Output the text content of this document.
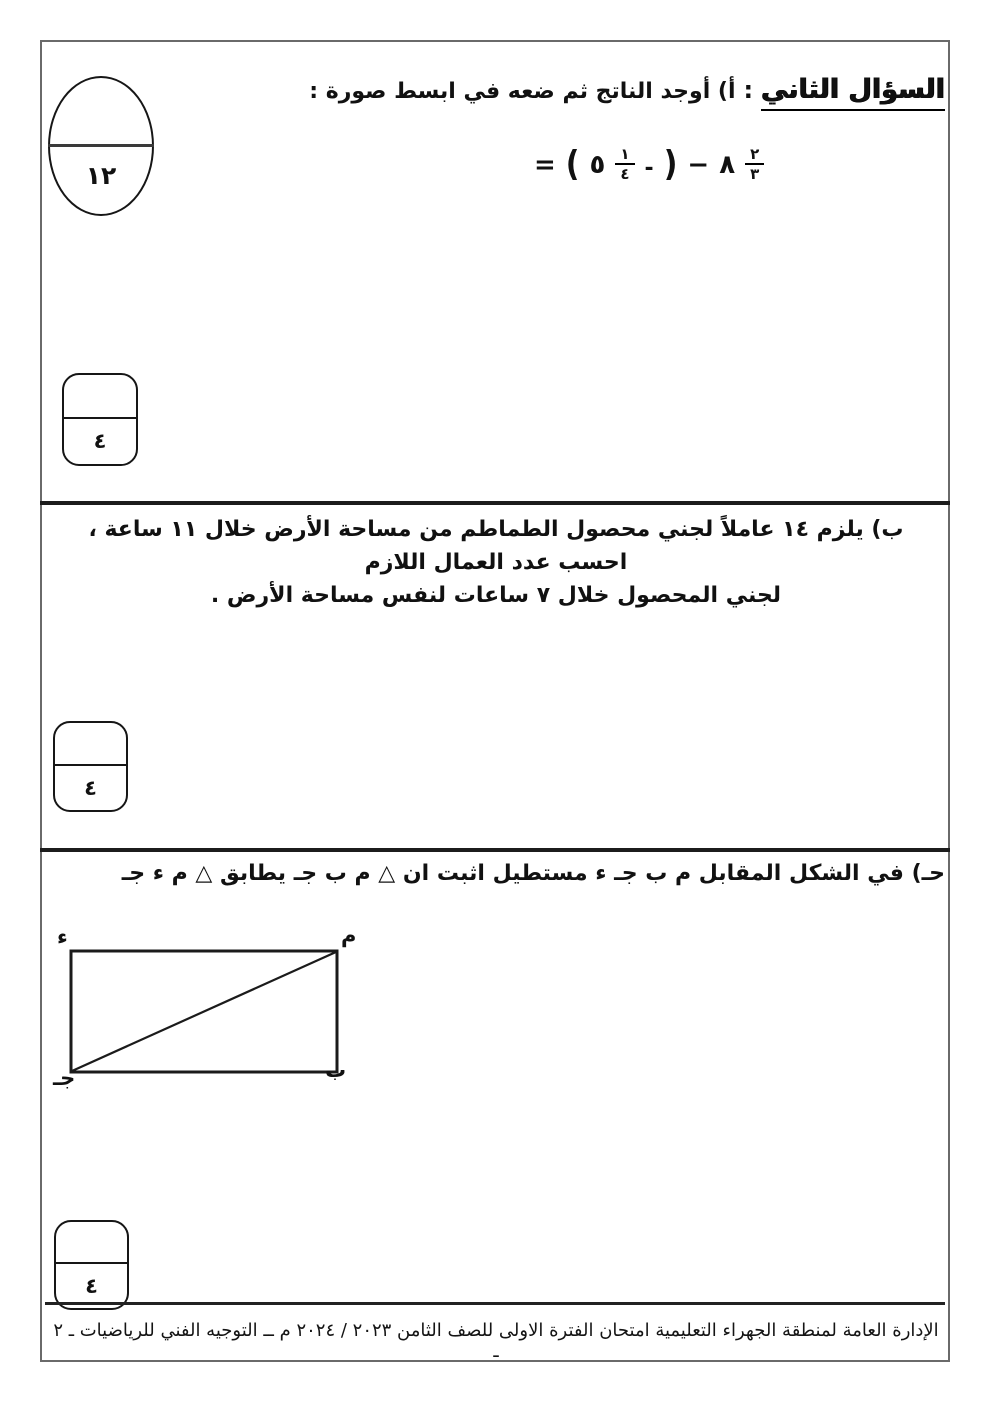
السؤال الثاني
:
أ) أوجد الناتج ثم ضعه في ابسط صورة :
١٢	= ( ٥ $\frac{١}{٤}$ - ) − ٨ $\frac{٢}{٣}$
٤
ب) يلزم ١٤ عاملاً لجني محصول الطماطم من مساحة الأرض خلال ١١ ساعة ، احسب عدد العمال اللازم
لجني المحصول خلال ٧ ساعات لنفس مساحة الأرض .
٤
حـ) في الشكل المقابل م ب جـ ء مستطيل اثبت ان △ م ب جـ يطابق △ م ء جـ
ء	م
جـ	ب
٤
الإدارة العامة لمنطقة الجهراء التعليمية امتحان الفترة الاولى للصف الثامن ٢٠٢٣ / ٢٠٢٤ م ــ التوجيه الفني للرياضيات ـ ٢ ـ
